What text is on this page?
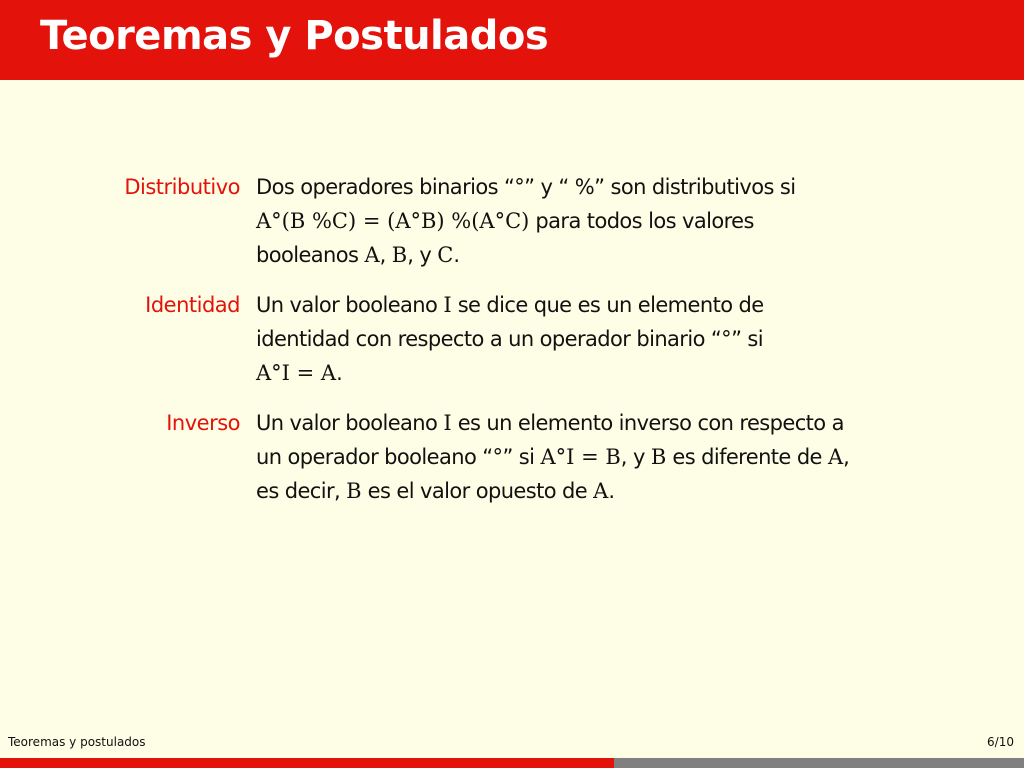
Teoremas y Postulados
Distributivo Dos operadores binarios “°” y “ %” son distributivos si
A°(B %C) = (A°B) %(A°C) para todos los valores
booleanos A, B, y C.
Identidad Un valor booleano I se dice que es un elemento de
identidad con respecto a un operador binario “°” si
A°I = A.
Inverso Un valor booleano I es un elemento inverso con respecto a
un operador booleano “°” si A°I = B, y B es diferente de A,
es decir, B es el valor opuesto de A.
Teoremas y postulados	6/10
